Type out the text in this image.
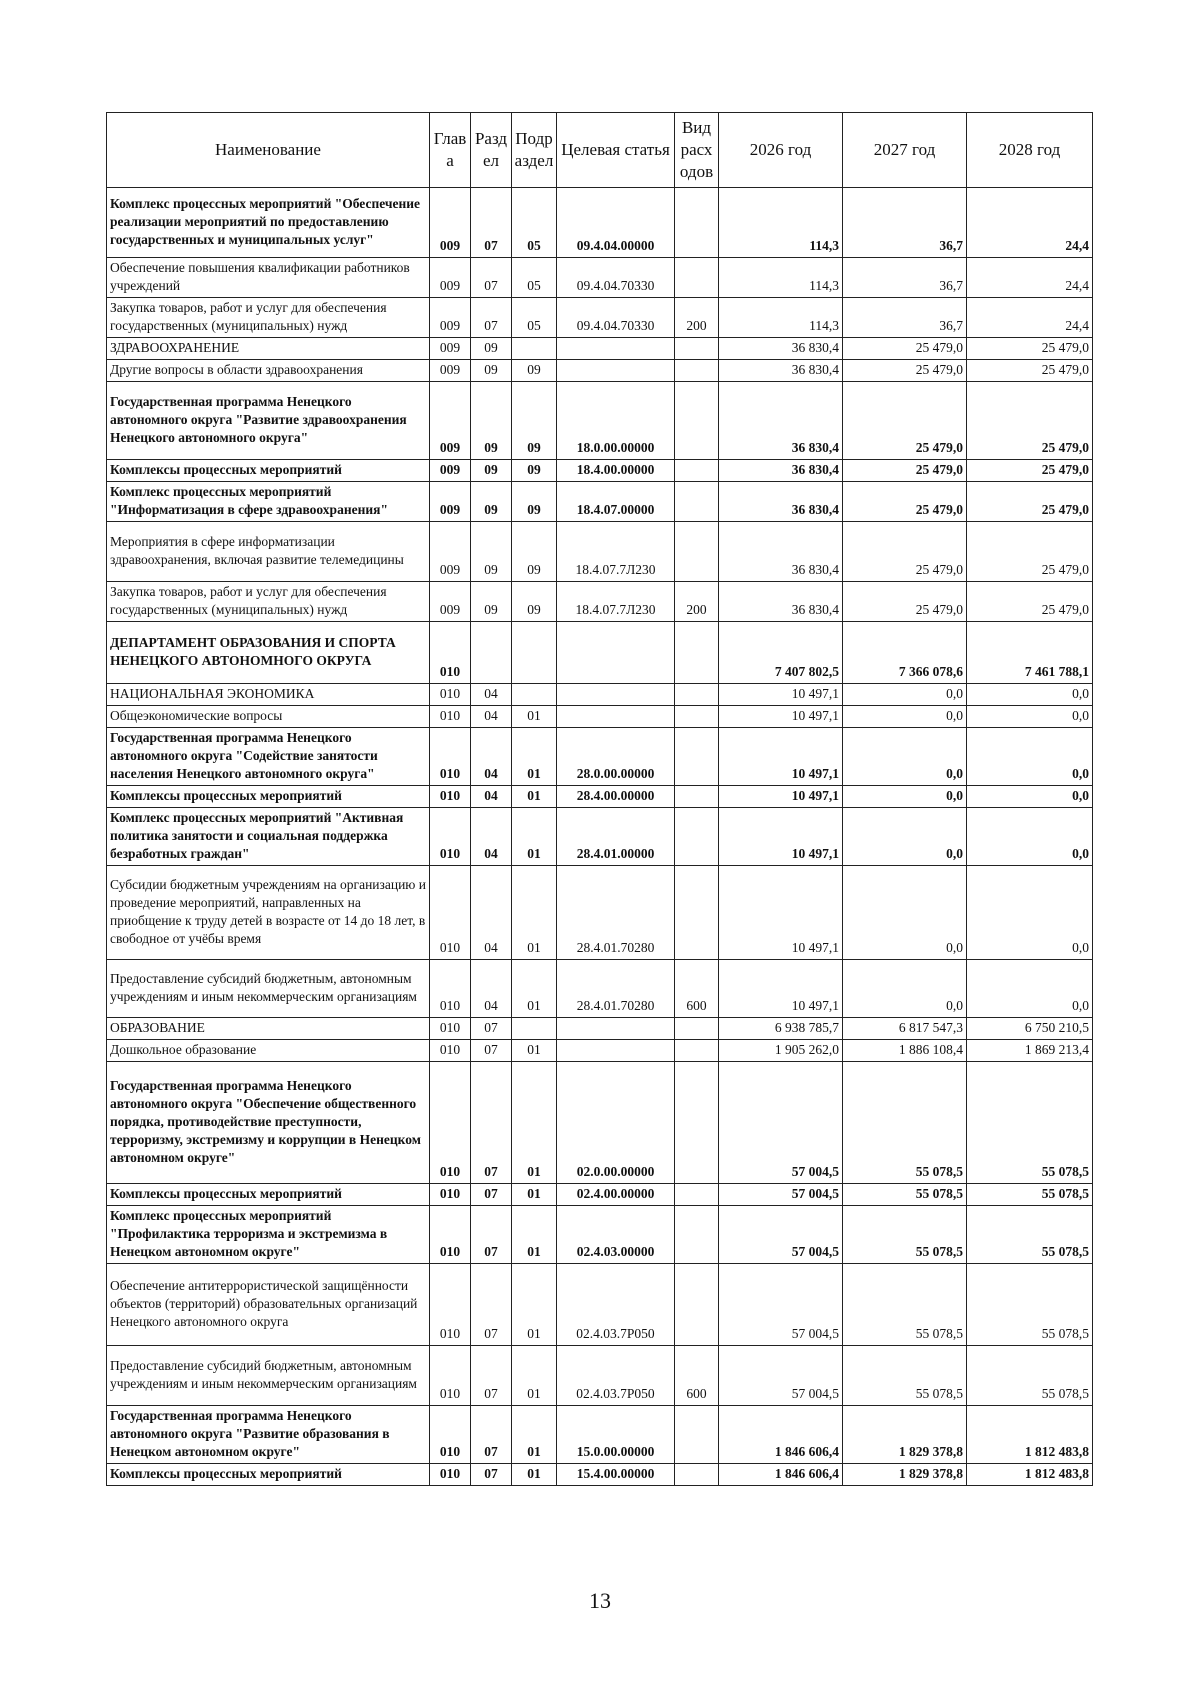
Наименование	Глав а	Разд ел	Подр аздел	Целевая статья	Вид расх одов	2026 год	2027 год	2028 год
Комплекс процессных мероприятий "Обеспечение реализации мероприятий по предоставлению государственных и муниципальных услуг"	009	07	05	09.4.04.00000		114,3	36,7	24,4
Обеспечение повышения квалификации работников учреждений	009	07	05	09.4.04.70330		114,3	36,7	24,4
Закупка товаров, работ и услуг для обеспечения государственных (муниципальных) нужд	009	07	05	09.4.04.70330	200	114,3	36,7	24,4
ЗДРАВООХРАНЕНИЕ	009	09				36 830,4	25 479,0	25 479,0
Другие вопросы в области здравоохранения	009	09	09			36 830,4	25 479,0	25 479,0
Государственная программа Ненецкого автономного округа "Развитие здравоохранения Ненецкого автономного округа"	009	09	09	18.0.00.00000		36 830,4	25 479,0	25 479,0
Комплексы процессных мероприятий	009	09	09	18.4.00.00000		36 830,4	25 479,0	25 479,0
Комплекс процессных мероприятий "Информатизация в сфере здравоохранения"	009	09	09	18.4.07.00000		36 830,4	25 479,0	25 479,0
Мероприятия в сфере информатизации здравоохранения, включая развитие телемедицины	009	09	09	18.4.07.7Л230		36 830,4	25 479,0	25 479,0
Закупка товаров, работ и услуг для обеспечения государственных (муниципальных) нужд	009	09	09	18.4.07.7Л230	200	36 830,4	25 479,0	25 479,0
ДЕПАРТАМЕНТ ОБРАЗОВАНИЯ И СПОРТА НЕНЕЦКОГО АВТОНОМНОГО ОКРУГА	010					7 407 802,5	7 366 078,6	7 461 788,1
НАЦИОНАЛЬНАЯ ЭКОНОМИКА	010	04				10 497,1	0,0	0,0
Общеэкономические вопросы	010	04	01			10 497,1	0,0	0,0
Государственная программа Ненецкого автономного округа "Содействие занятости населения Ненецкого автономного округа"	010	04	01	28.0.00.00000		10 497,1	0,0	0,0
Комплексы процессных мероприятий	010	04	01	28.4.00.00000		10 497,1	0,0	0,0
Комплекс процессных мероприятий "Активная политика занятости и социальная поддержка безработных граждан"	010	04	01	28.4.01.00000		10 497,1	0,0	0,0
Субсидии бюджетным учреждениям на организацию и проведение мероприятий, направленных на приобщение к труду детей в возрасте от 14 до 18 лет, в свободное от учёбы время	010	04	01	28.4.01.70280		10 497,1	0,0	0,0
Предоставление субсидий бюджетным, автономным учреждениям и иным некоммерческим организациям	010	04	01	28.4.01.70280	600	10 497,1	0,0	0,0
ОБРАЗОВАНИЕ	010	07				6 938 785,7	6 817 547,3	6 750 210,5
Дошкольное образование	010	07	01			1 905 262,0	1 886 108,4	1 869 213,4
Государственная программа Ненецкого автономного округа "Обеспечение общественного порядка, противодействие преступности, терроризму, экстремизму и коррупции в Ненецком автономном округе"	010	07	01	02.0.00.00000		57 004,5	55 078,5	55 078,5
Комплексы процессных мероприятий	010	07	01	02.4.00.00000		57 004,5	55 078,5	55 078,5
Комплекс процессных мероприятий "Профилактика терроризма и экстремизма в Ненецком автономном округе"	010	07	01	02.4.03.00000		57 004,5	55 078,5	55 078,5
Обеспечение антитеррористической защищённости объектов (территорий) образовательных организаций Ненецкого автономного округа	010	07	01	02.4.03.7Р050		57 004,5	55 078,5	55 078,5
Предоставление субсидий бюджетным, автономным учреждениям и иным некоммерческим организациям	010	07	01	02.4.03.7Р050	600	57 004,5	55 078,5	55 078,5
Государственная программа Ненецкого автономного округа "Развитие образования в Ненецком автономном округе"	010	07	01	15.0.00.00000		1 846 606,4	1 829 378,8	1 812 483,8
Комплексы процессных мероприятий	010	07	01	15.4.00.00000		1 846 606,4	1 829 378,8	1 812 483,8
13
